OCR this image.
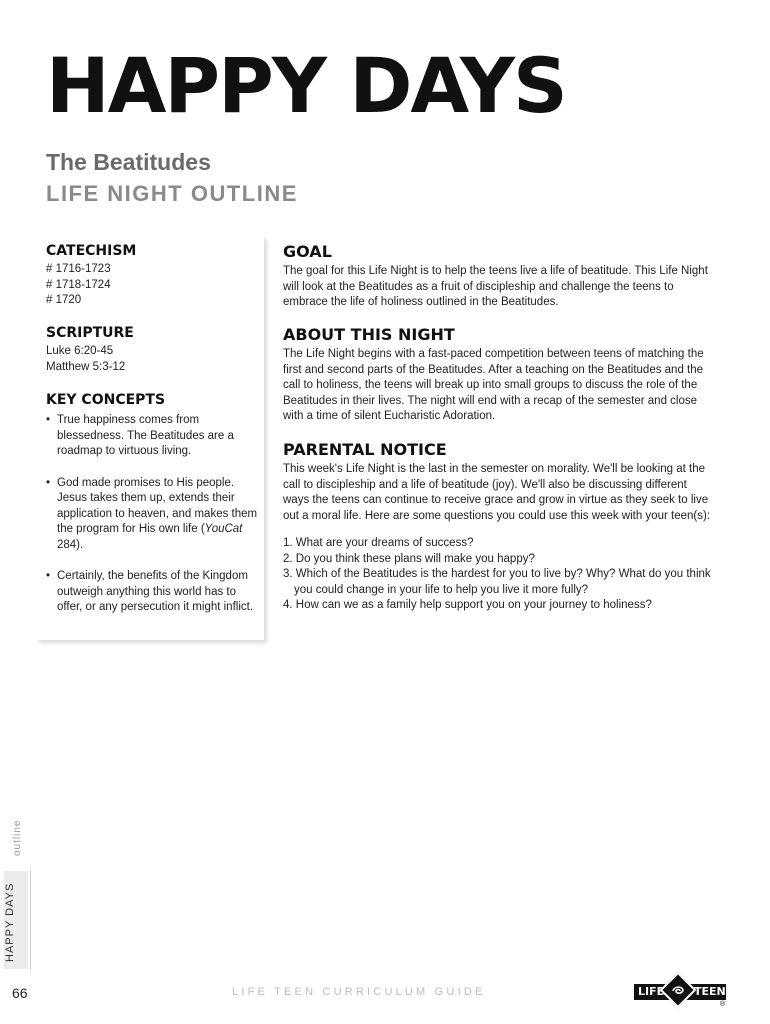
HAPPY DAYS
The Beatitudes
LIFE NIGHT OUTLINE
CATECHISM
# 1716-1723
# 1718-1724
# 1720
SCRIPTURE
Luke 6:20-45
Matthew 5:3-12
KEY CONCEPTS
• True happiness comes from blessedness. The Beatitudes are a roadmap to virtuous living.
• God made promises to His people. Jesus takes them up, extends their application to heaven, and makes them the program for His own life (YouCat 284).
• Certainly, the benefits of the Kingdom outweigh anything this world has to offer, or any persecution it might inflict.
GOAL

The goal for this Life Night is to help the teens live a life of beatitude. This Life Night will look at the Beatitudes as a fruit of discipleship and challenge the teens to embrace the life of holiness outlined in the Beatitudes.

ABOUT THIS NIGHT

The Life Night begins with a fast-paced competition between teens of matching the first and second parts of the Beatitudes. After a teaching on the Beatitudes and the call to holiness, the teens will break up into small groups to discuss the role of the Beatitudes in their lives. The night will end with a recap of the semester and close with a time of silent Eucharistic Adoration.

PARENTAL NOTICE

This week's Life Night is the last in the semester on morality. We'll be looking at the call to discipleship and a life of beatitude (joy). We'll also be discussing different ways the teens can continue to receive grace and grow in virtue as they seek to live out a moral life. Here are some questions you could use this week with your teen(s):

1. What are your dreams of success?
2. Do you think these plans will make you happy?
3. Which of the Beatitudes is the hardest for you to live by? Why? What do you think you could change in your life to help you live it more fully?
4. How can we as a family help support you on your journey to holiness?
HAPPY DAYS
outline
66	LIFE TEEN CURRICULUM GUIDE	LIFE	TEEN
®
